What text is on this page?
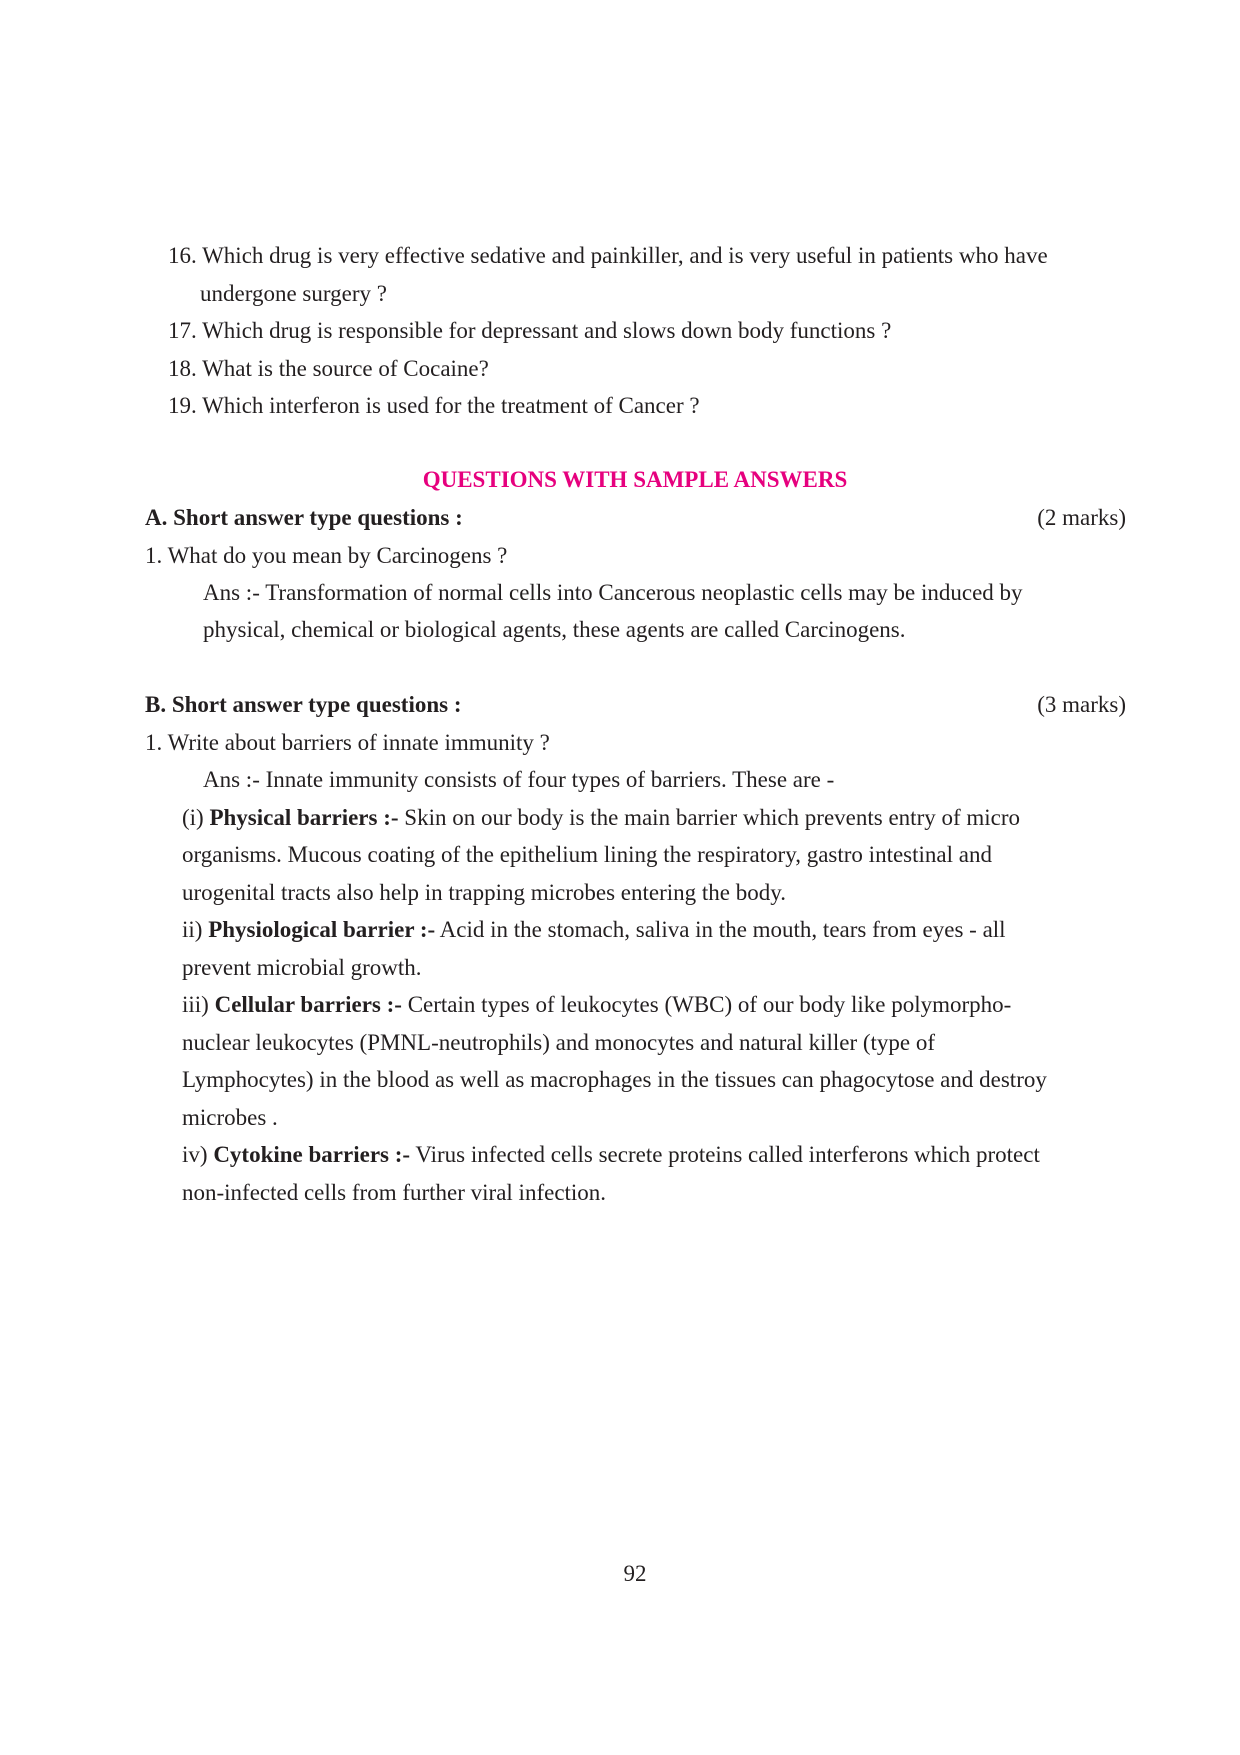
16. Which drug is very effective sedative and painkiller, and is very useful in patients who have
undergone surgery ?
17. Which drug is responsible for depressant and slows down body functions ?
18. What is the source of Cocaine?
19. Which interferon is used for the treatment of Cancer ?
QUESTIONS WITH SAMPLE ANSWERS
A. Short answer type questions :	(2 marks)
1. What do you mean by Carcinogens ?
Ans :- Transformation of normal cells into Cancerous neoplastic cells may be induced by
physical, chemical or biological agents, these agents are called Carcinogens.
B. Short answer type questions :	(3 marks)
1. Write about barriers of innate immunity ?
Ans :- Innate immunity consists of four types of barriers. These are -
(i) Physical barriers :- Skin on our body is the main barrier which prevents entry of micro
organisms. Mucous coating of the epithelium lining the respiratory, gastro intestinal and
urogenital tracts also help in trapping microbes entering the body.
ii) Physiological barrier :- Acid in the stomach, saliva in the mouth, tears from eyes - all
prevent microbial growth.
iii) Cellular barriers :- Certain types of leukocytes (WBC) of our body like polymorpho-
nuclear leukocytes (PMNL-neutrophils) and monocytes and natural killer (type of
Lymphocytes) in the blood as well as macrophages in the tissues can phagocytose and destroy
microbes .
iv) Cytokine barriers :- Virus infected cells secrete proteins called interferons which protect
non-infected cells from further viral infection.
92
